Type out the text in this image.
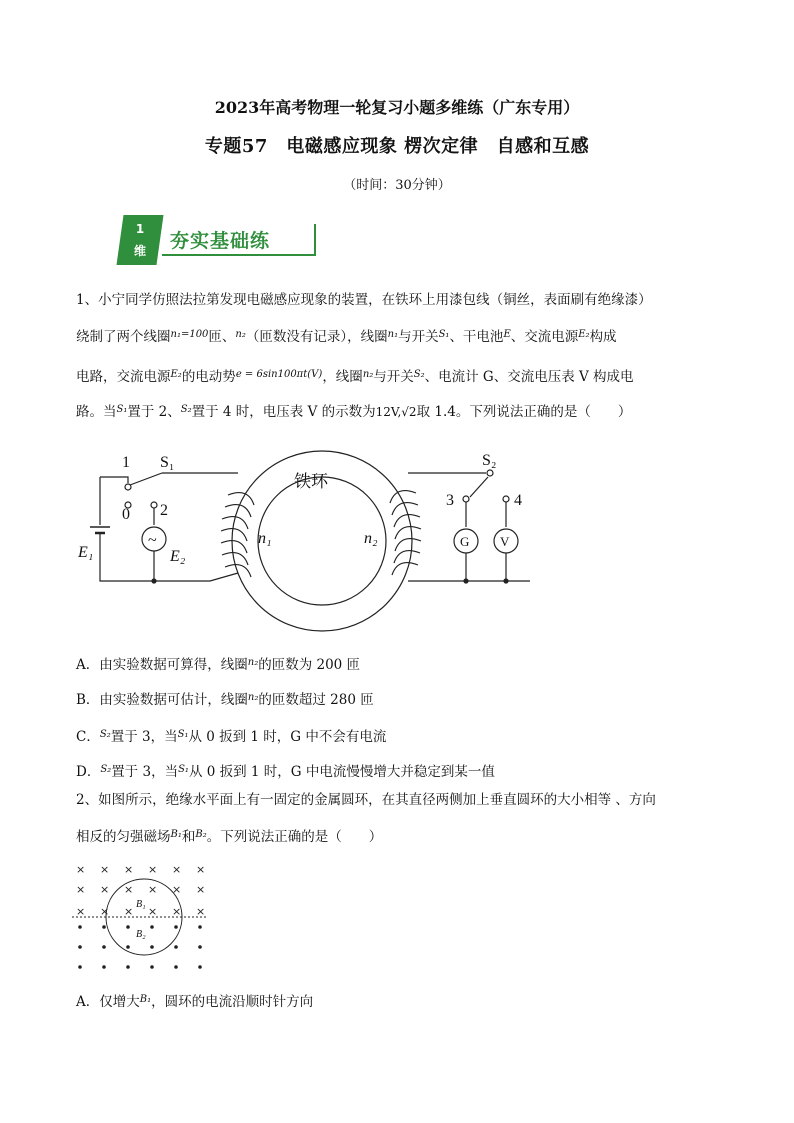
2023年高考物理一轮复习小题多维练（广东专用）
专题57　电磁感应现象 楞次定律　自感和互感
（时间：30分钟）
1
维	夯实基础练
1、小宁同学仿照法拉第发现电磁感应现象的装置，在铁环上用漆包线（铜丝，表面刷有绝缘漆）
绕制了两个线圈$^{n_1=100}$匝、$^{n_2}$（匝数没有记录），线圈$^{n_1}$与开关$^{S_1}$、干电池$^E$、交流电源$^{E_2}$构成
电路，交流电源$^{E_2}$的电动势$^{e = 6sin100\pi t(V)}$，线圈$^{n_2}$与开关$^{S_2}$、电流计 G、交流电压表 V 构成电
路。当$^{S_1}$置于 2、$^{S_2}$置于 4 时，电压表 V 的示数为12V,√2取 1.4。下列说法正确的是（　　）
铁环
1 S₁
0 2
E₁	E₂
~	n₁	n₂
S₂
3	4
G V
A．由实验数据可算得，线圈$^{n_2}$的匝数为 200 匝
B．由实验数据可估计，线圈$^{n_2}$的匝数超过 280 匝
C．$^{S_2}$置于 3，当$^{S_1}$从 0 扳到 1 时，G 中不会有电流
D．$^{S_2}$置于 3，当$^{S_1}$从 0 扳到 1 时，G 中电流慢慢增大并稳定到某一值
2、如图所示，绝缘水平面上有一固定的金属圆环，在其直径两侧加上垂直圆环的大小相等 、方向
相反的匀强磁场$^{B_1}$和$^{B_2}$。下列说法正确的是（　　）
× × × × × ×
× × × × × ×
× × × × × ×
B₁
B₂
A．仅增大$^{B_1}$，圆环的电流沿顺时针方向
